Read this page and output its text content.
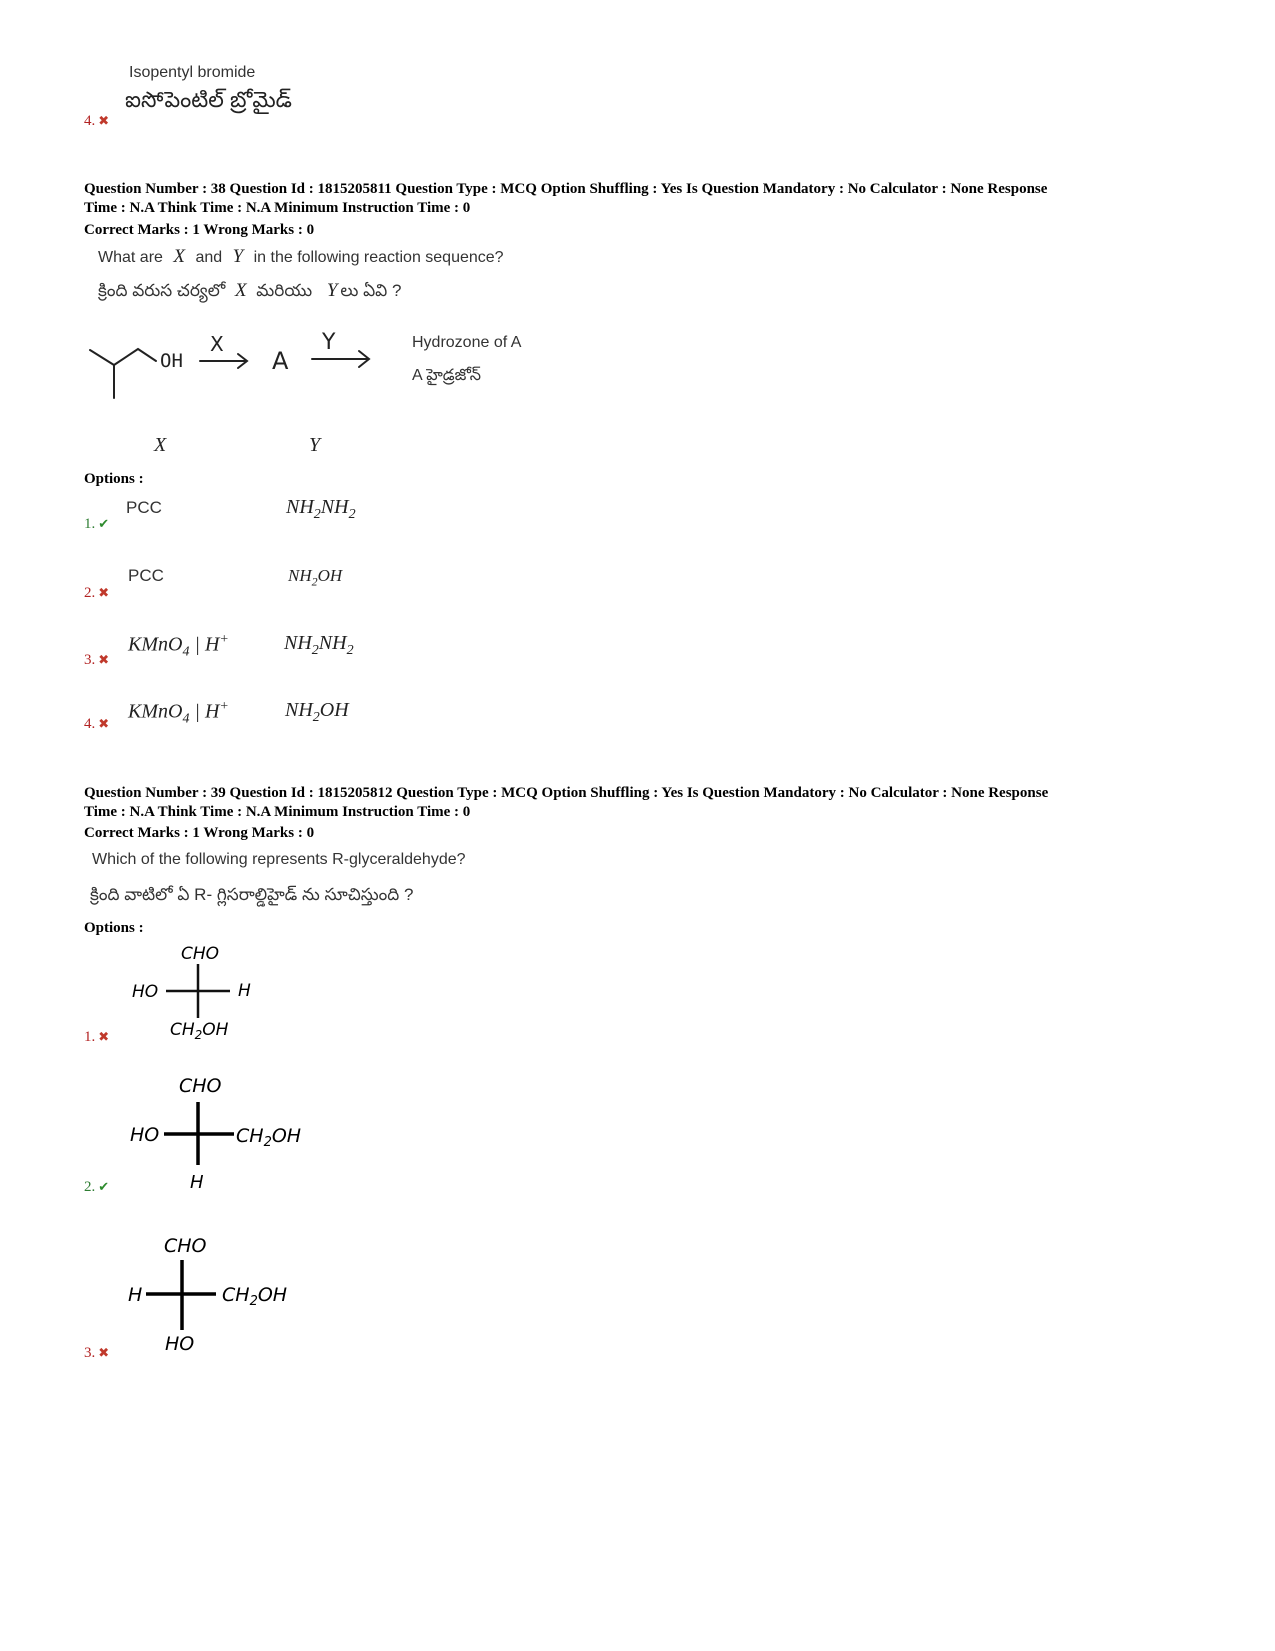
Isopentyl bromide
ఐసోపెంటిల్ బ్రోమైడ్
4. ✖
Question Number : 38 Question Id : 1815205811 Question Type : MCQ Option Shuffling : Yes Is Question Mandatory : No Calculator : None Response
Time : N.A Think Time : N.A Minimum Instruction Time : 0
Correct Marks : 1 Wrong Marks : 0
What are X and Y in the following reaction sequence?
క్రింది వరుస చర్యలో X మరియు Y లు ఏవి ?
OH
X
A
Y	Hydrozone of A
A హైడ్రజోన్
X	Y
Options :
PCC	$NH_2NH_2$
1. ✔
PCC	$NH_2OH$
2. ✖
KMnO$_4$ | H+	$NH_2NH_2$
3. ✖
KMnO$_4$ | H+	$NH_2OH$
4. ✖
Question Number : 39 Question Id : 1815205812 Question Type : MCQ Option Shuffling : Yes Is Question Mandatory : No Calculator : None Response
Time : N.A Think Time : N.A Minimum Instruction Time : 0
Correct Marks : 1 Wrong Marks : 0
Which of the following represents R-glyceraldehyde?
క్రింది వాటిలో ఏ R- గ్లిసరాల్డిహైడ్ ను సూచిస్తుంది ?
Options :
CHO
HO	H
$CH_2OH$
1. ✖
CHO
HO	$CH_2OH$
H
2. ✔
CHO
H	$CH_2OH$
HO
3. ✖
